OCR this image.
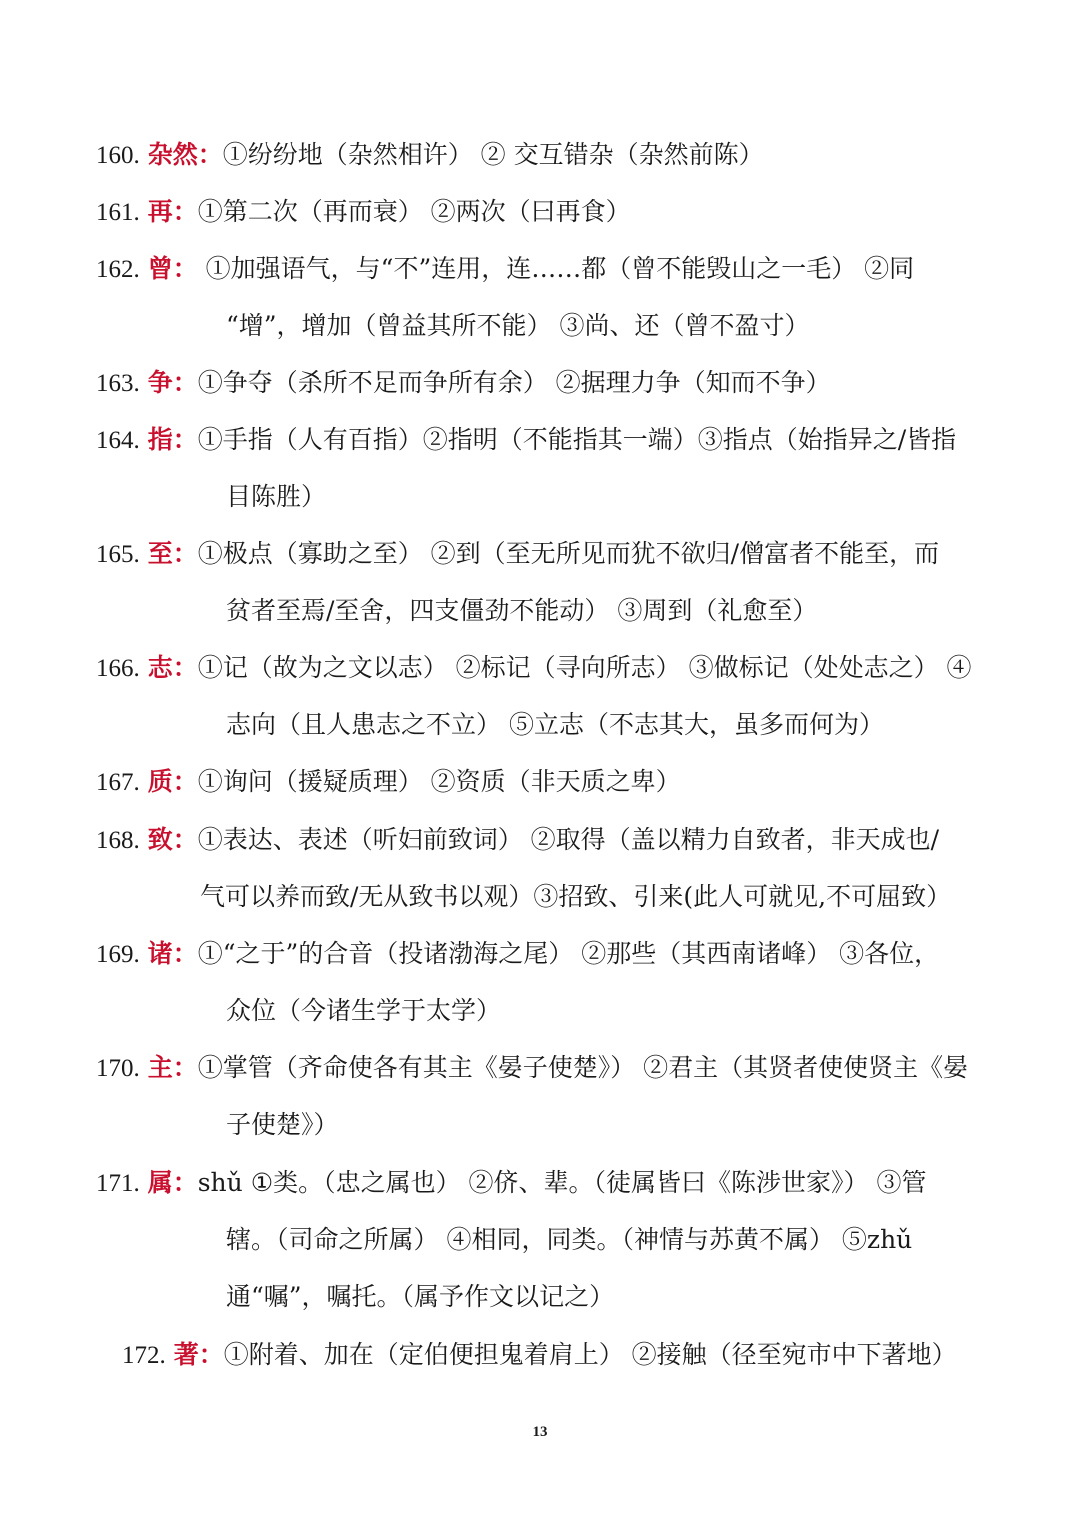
160. 杂然：①纷纷地（杂然相许） ② 交互错杂（杂然前陈）
161. 再：①第二次（再而衰） ②两次（曰再食）
162. 曾： ①加强语气，与“不”连用，连……都（曾不能毁山之一毛） ②同
“增”，增加（曾益其所不能） ③尚、还（曾不盈寸）
163. 争：①争夺（杀所不足而争所有余） ②据理力争（知而不争）
164. 指：①手指（人有百指）②指明（不能指其一端）③指点（始指异之/皆指
目陈胜）
165. 至：①极点（寡助之至） ②到（至无所见而犹不欲归/僧富者不能至，而
贫者至焉/至舍，四支僵劲不能动） ③周到（礼愈至）
166. 志：①记（故为之文以志） ②标记（寻向所志） ③做标记（处处志之） ④
志向（且人患志之不立） ⑤立志（不志其大，虽多而何为）
167. 质：①询问（援疑质理） ②资质（非天质之卑）
168. 致：①表达、表述（听妇前致词） ②取得（盖以精力自致者，非天成也/
气可以养而致/无从致书以观）③招致、引来(此人可就见,不可屈致）
169. 诸：①“之于”的合音（投诸渤海之尾） ②那些（其西南诸峰） ③各位，
众位（今诸生学于太学）
170. 主：①掌管（齐命使各有其主《晏子使楚》） ②君主（其贤者使使贤主《晏
子使楚》）
171. 属：shǔ ①类。（忠之属也） ②侪、辈。（徒属皆曰《陈涉世家》） ③管
辖。（司命之所属） ④相同，同类。（神情与苏黄不属） ⑤zhǔ
通“嘱”，嘱托。（属予作文以记之）
172. 著：①附着、加在（定伯便担鬼着肩上） ②接触（径至宛市中下著地）
13
